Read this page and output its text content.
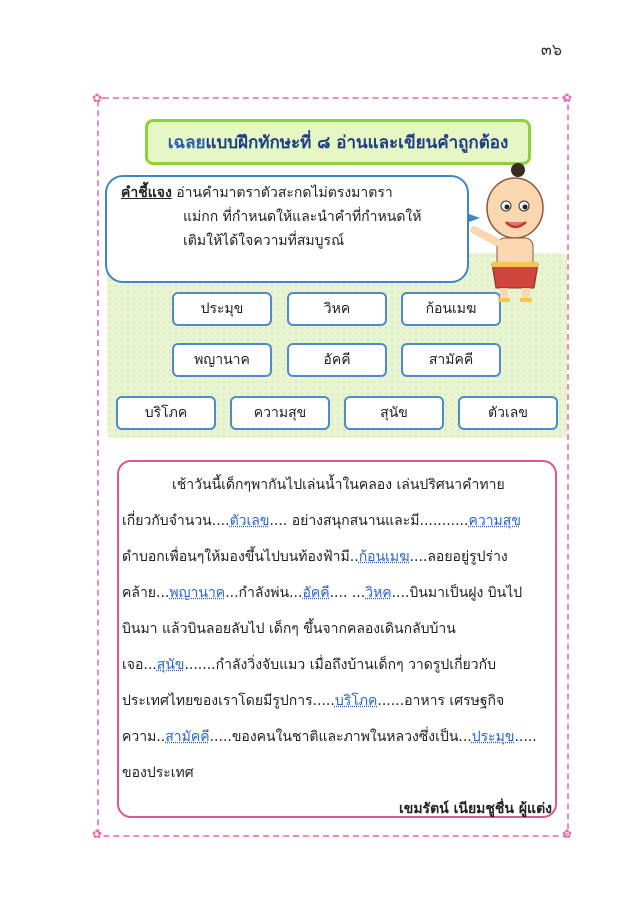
๓๖
✿	✿
✿	✿
เฉลย แบบฝึกทักษะที่ ๘ อ่านและเขียนคำถูกต้อง
ประมุข	วิหค	ก้อนเมฆ
พญานาค	อัคคี	สามัคคี
บริโภค	ความสุข	สุนัข	ตัวเลข
คำชี้แจง อ่านคำมาตราตัวสะกดไม่ตรงมาตรา
แม่กก ที่กำหนดให้และนำคำที่กำหนดให้
เติมให้ได้ใจความที่สมบูรณ์
เช้าวันนี้เด็กๆพากันไปเล่นน้ำในคลอง เล่นปริศนาคำทาย
เกี่ยวกับจำนวน....ตัวเลข.... อย่างสนุกสนานและมี...........ความสุข
ดำบอกเพื่อนๆให้มองขึ้นไปบนท้องฟ้ามี..ก้อนเมฆ....ลอยอยู่รูปร่าง
คล้าย...พญานาค...กำลังพ่น...อัคคี.... ...วิหค....บินมาเป็นฝูง บินไป
บินมา แล้วบินลอยลับไป เด็กๆ ขึ้นจากคลองเดินกลับบ้าน
เจอ...สุนัข.......กำลังวิ่งจับแมว เมื่อถึงบ้านเด็กๆ วาดรูปเกี่ยวกับ
ประเทศไทยของเราโดยมีรูปการ.....บริโภค......อาหาร เศรษฐกิจ
ความ..สามัคคี.....ของคนในชาติและภาพในหลวงซึ่งเป็น...ประมุข.....
ของประเทศ
เขมรัตน์ เนียมชูชื่น ผู้แต่ง
